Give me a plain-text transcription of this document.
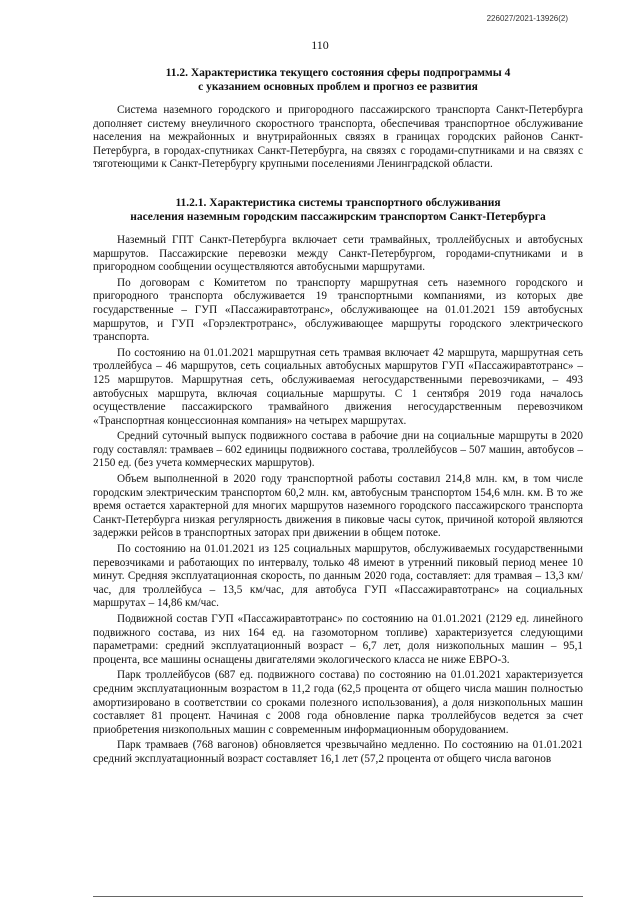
226027/2021-13926(2)
110
11.2. Характеристика текущего состояния сферы подпрограммы 4
с указанием основных проблем и прогноз ее развития

Система наземного городского и пригородного пассажирского транспорта Санкт-Петербурга дополняет систему внеуличного скоростного транспорта, обеспечивая транспортное обслуживание населения на межрайонных и внутрирайонных связях в границах городских районов Санкт-Петербурга, в городах-спутниках Санкт-Петербурга, на связях с городами-спутниками и на связях с тяготеющими к Санкт-Петербургу крупными поселениями Ленинградской области.

11.2.1. Характеристика системы транспортного обслуживания
населения наземным городским пассажирским транспортом Санкт-Петербурга

Наземный ГПТ Санкт-Петербурга включает сети трамвайных, троллейбусных и автобусных маршрутов. Пассажирские перевозки между Санкт-Петербургом, городами-спутниками и в пригородном сообщении осуществляются автобусными маршрутами.

По договорам с Комитетом по транспорту маршрутная сеть наземного городского и пригородного транспорта обслуживается 19 транспортными компаниями, из которых две государственные – ГУП «Пассажиравтотранс», обслуживающее на 01.01.2021 159 автобусных маршрутов, и ГУП «Горэлектротранс», обслуживающее маршруты городского электрического транспорта.

По состоянию на 01.01.2021 маршрутная сеть трамвая включает 42 маршрута, маршрутная сеть троллейбуса – 46 маршрутов, сеть социальных автобусных маршрутов ГУП «Пассажиравтотранс» – 125 маршрутов. Маршрутная сеть, обслуживаемая негосударственными перевозчиками, – 493 автобусных маршрута, включая социальные маршруты. С 1 сентября 2019 года началось осуществление пассажирского трамвайного движения негосударственным перевозчиком «Транспортная концессионная компания» на четырех маршрутах.

Средний суточный выпуск подвижного состава в рабочие дни на социальные маршруты в 2020 году составлял: трамваев – 602 единицы подвижного состава, троллейбусов – 507 машин, автобусов – 2150 ед. (без учета коммерческих маршрутов).

Объем выполненной в 2020 году транспортной работы составил 214,8 млн. км, в том числе городским электрическим транспортом 60,2 млн. км, автобусным транспортом 154,6 млн. км. В то же время остается характерной для многих маршрутов наземного городского пассажирского транспорта Санкт-Петербурга низкая регулярность движения в пиковые часы суток, причиной которой являются задержки рейсов в транспортных заторах при движении в общем потоке.

По состоянию на 01.01.2021 из 125 социальных маршрутов, обслуживаемых государственными перевозчиками и работающих по интервалу, только 48 имеют в утренний пиковый период менее 10 минут. Средняя эксплуатационная скорость, по данным 2020 года, составляет: для трамвая – 13,3 км/час, для троллейбуса – 13,5 км/час, для автобуса ГУП «Пассажиравтотранс» на социальных маршрутах – 14,86 км/час.

Подвижной состав ГУП «Пассажиравтотранс» по состоянию на 01.01.2021 (2129 ед. линейного подвижного состава, из них 164 ед. на газомоторном топливе) характеризуется следующими параметрами: средний эксплуатационный возраст – 6,7 лет, доля низкопольных машин – 95,1 процента, все машины оснащены двигателями экологического класса не ниже ЕВРО-3.

Парк троллейбусов (687 ед. подвижного состава) по состоянию на 01.01.2021 характеризуется средним эксплуатационным возрастом в 11,2 года (62,5 процента от общего числа машин полностью амортизировано в соответствии со сроками полезного использования), а доля низкопольных машин составляет 81 процент. Начиная с 2008 года обновление парка троллейбусов ведется за счет приобретения низкопольных машин с современным информационным оборудованием.

Парк трамваев (768 вагонов) обновляется чрезвычайно медленно. По состоянию на 01.01.2021 средний эксплуатационный возраст составляет 16,1 лет (57,2 процента от общего числа вагонов
